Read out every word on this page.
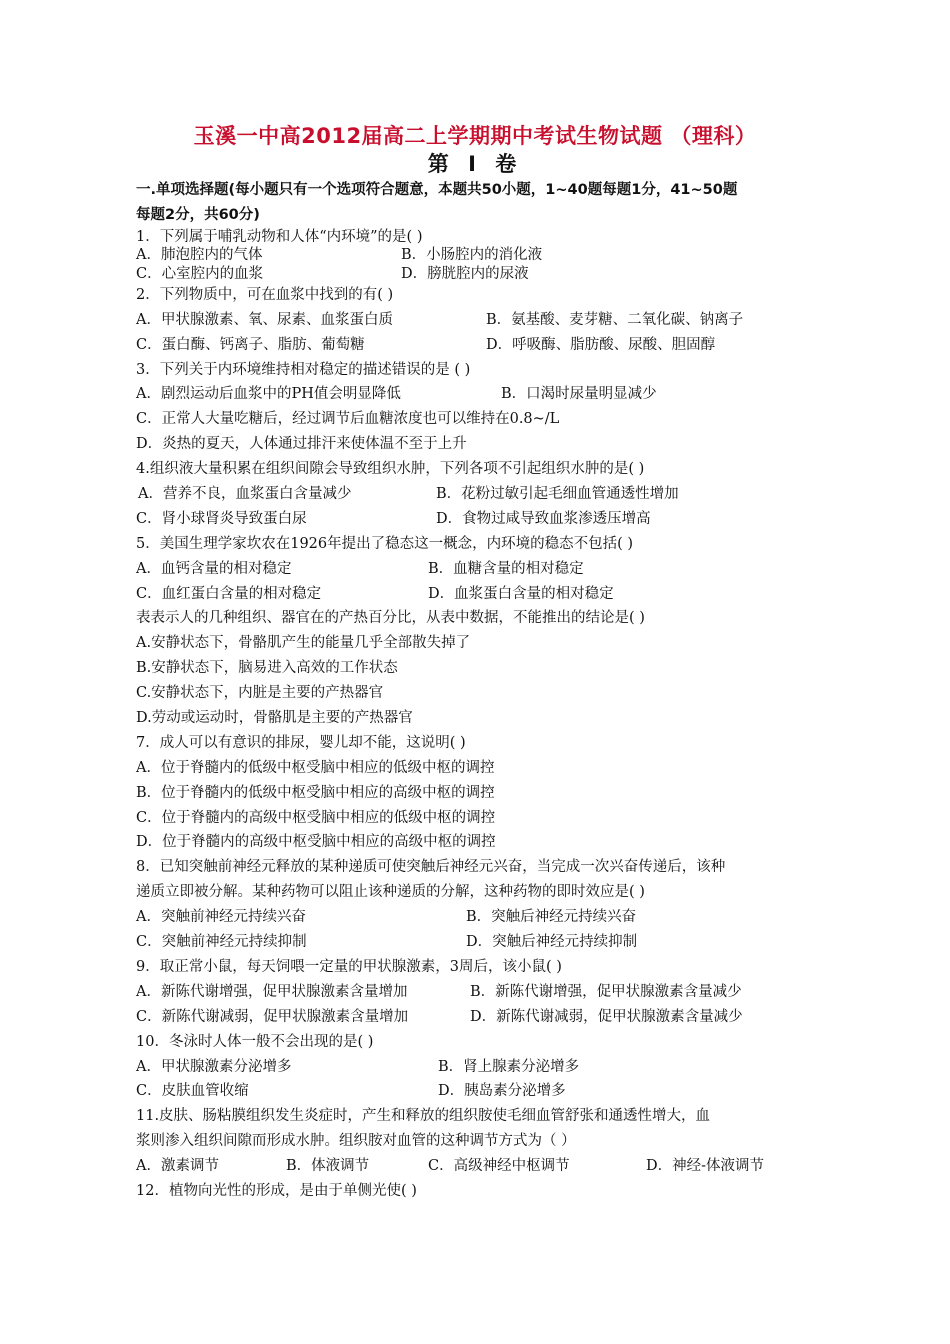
玉溪一中高2012届高二上学期期中考试生物试题 （理科）
第 Ⅰ 卷
一.单项选择题(每小题只有一个选项符合题意，本题共50小题，1~40题每题1分，41~50题
每题2分，共60分)
1．下列属于哺乳动物和人体“内环境”的是( )
A．肺泡腔内的气体	B．小肠腔内的消化液
C．心室腔内的血浆	D．膀胱腔内的尿液
2．下列物质中，可在血浆中找到的有( )
A．甲状腺激素、氧、尿素、血浆蛋白质	B．氨基酸、麦芽糖、二氧化碳、钠离子
C．蛋白酶、钙离子、脂肪、葡萄糖	D．呼吸酶、脂肪酸、尿酸、胆固醇
3．下列关于内环境维持相对稳定的描述错误的是 ( )
A．剧烈运动后血浆中的PH值会明显降低	B．口渴时尿量明显减少
C．正常人大量吃糖后，经过调节后血糖浓度也可以维持在0.8~/L
D．炎热的夏天，人体通过排汗来使体温不至于上升
4.组织液大量积累在组织间隙会导致组织水肿，下列各项不引起组织水肿的是( )
A．营养不良，血浆蛋白含量减少	B．花粉过敏引起毛细血管通透性增加
C．肾小球肾炎导致蛋白尿	D．食物过咸导致血浆渗透压增高
5．美国生理学家坎农在1926年提出了稳态这一概念，内环境的稳态不包括( )
A．血钙含量的相对稳定	B．血糖含量的相对稳定
C．血红蛋白含量的相对稳定	D．血浆蛋白含量的相对稳定
表表示人的几种组织、器官在的产热百分比，从表中数据，不能推出的结论是( )
A.安静状态下，骨骼肌产生的能量几乎全部散失掉了
B.安静状态下，脑易进入高效的工作状态
C.安静状态下，内脏是主要的产热器官
D.劳动或运动时，骨骼肌是主要的产热器官
7．成人可以有意识的排尿，婴儿却不能，这说明( )
A．位于脊髓内的低级中枢受脑中相应的低级中枢的调控
B．位于脊髓内的低级中枢受脑中相应的高级中枢的调控
C．位于脊髓内的高级中枢受脑中相应的低级中枢的调控
D．位于脊髓内的高级中枢受脑中相应的高级中枢的调控
8．已知突触前神经元释放的某种递质可使突触后神经元兴奋，当完成一次兴奋传递后，该种
递质立即被分解。某种药物可以阻止该种递质的分解，这种药物的即时效应是( )
A．突触前神经元持续兴奋	B．突触后神经元持续兴奋
C．突触前神经元持续抑制	D．突触后神经元持续抑制
9．取正常小鼠，每天饲喂一定量的甲状腺激素，3周后，该小鼠( )
A．新陈代谢增强，促甲状腺激素含量增加	B．新陈代谢增强，促甲状腺激素含量减少
C．新陈代谢减弱，促甲状腺激素含量增加	D．新陈代谢减弱，促甲状腺激素含量减少
10．冬泳时人体一般不会出现的是( )
A．甲状腺激素分泌增多	B．肾上腺素分泌增多
C．皮肤血管收缩	D．胰岛素分泌增多
11.皮肤、肠粘膜组织发生炎症时，产生和释放的组织胺使毛细血管舒张和通透性增大，血
浆则渗入组织间隙而形成水肿。组织胺对血管的这种调节方式为（ ）
A．激素调节	B．体液调节	C．高级神经中枢调节	D．神经-体液调节
12．植物向光性的形成，是由于单侧光使( )
